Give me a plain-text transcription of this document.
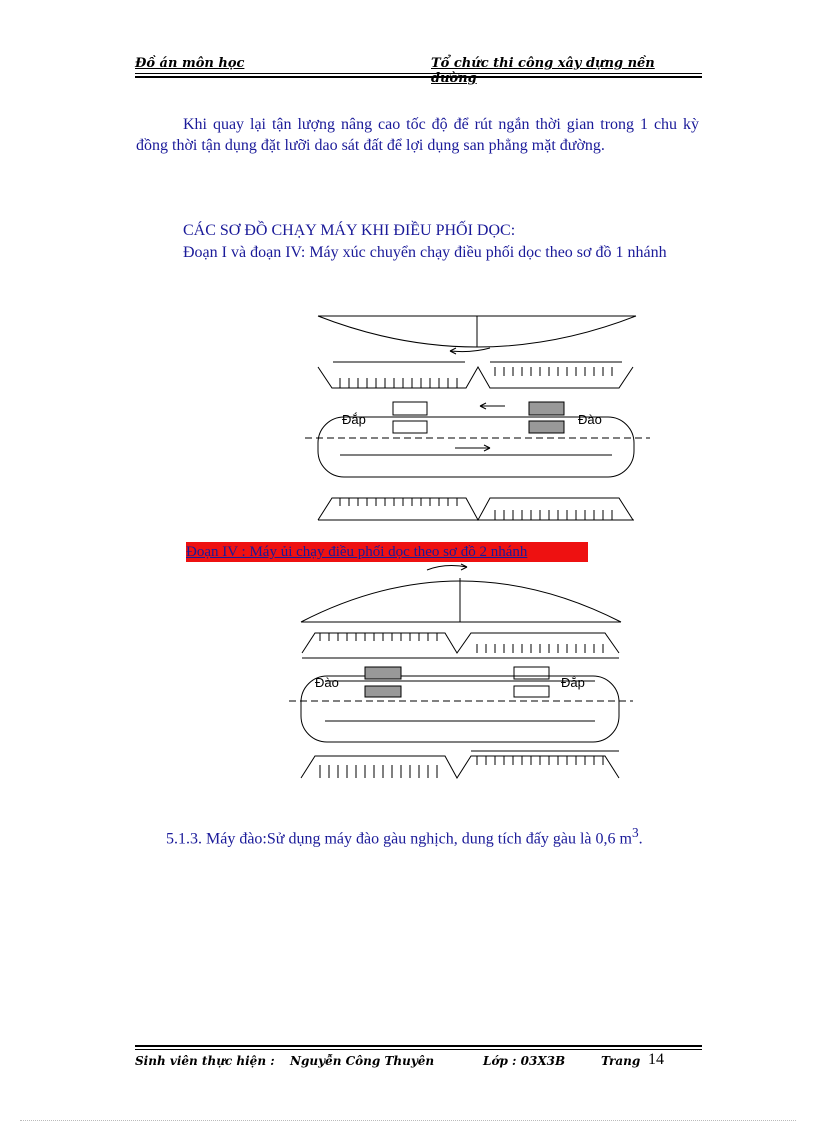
Đồ án môn học	Tổ chức thi công xây dựng nền đường
Khi quay lại tận lượng nâng cao tốc độ để rút ngắn thời gian trong 1 chu kỳ đồng thời tận dụng đặt lưỡi dao sát đất để lợi dụng san phẳng mặt đường.
CÁC SƠ ĐỒ CHẠY MÁY KHI ĐIỀU PHỐI DỌC:
Đoạn I và đoạn IV: Máy xúc chuyển chạy điều phối dọc theo sơ đồ 1 nhánh
Đắp	Đào
Đoạn IV : Máy ủi chạy điều phối dọc theo sơ đồ 2 nhánh
Đào	Đắp
5.1.3. Máy đào:Sử dụng máy đào gàu nghịch, dung tích đấy gàu là 0,6 $m^3$.
Sinh viên thực hiện : Nguyễn Công Thuyên	Lớp : 03X3B	Trang 14
